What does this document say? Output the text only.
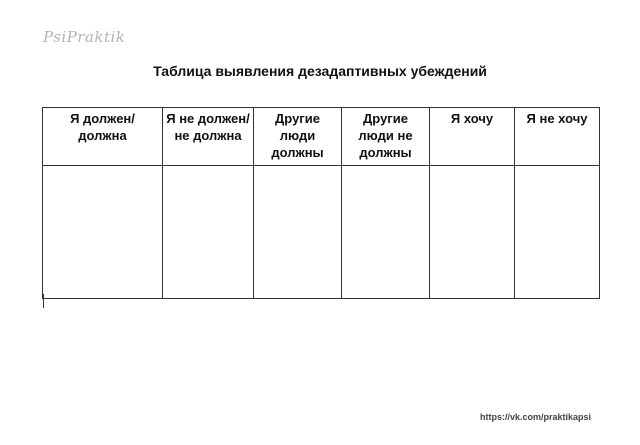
PsiPraktik
Таблица выявления дезадаптивных убеждений
Я должен/должна	Я не должен/не должна	Другие люди должны	Другие люди не должны	Я хочу	Я не хочу

https://vk.com/praktikapsi
